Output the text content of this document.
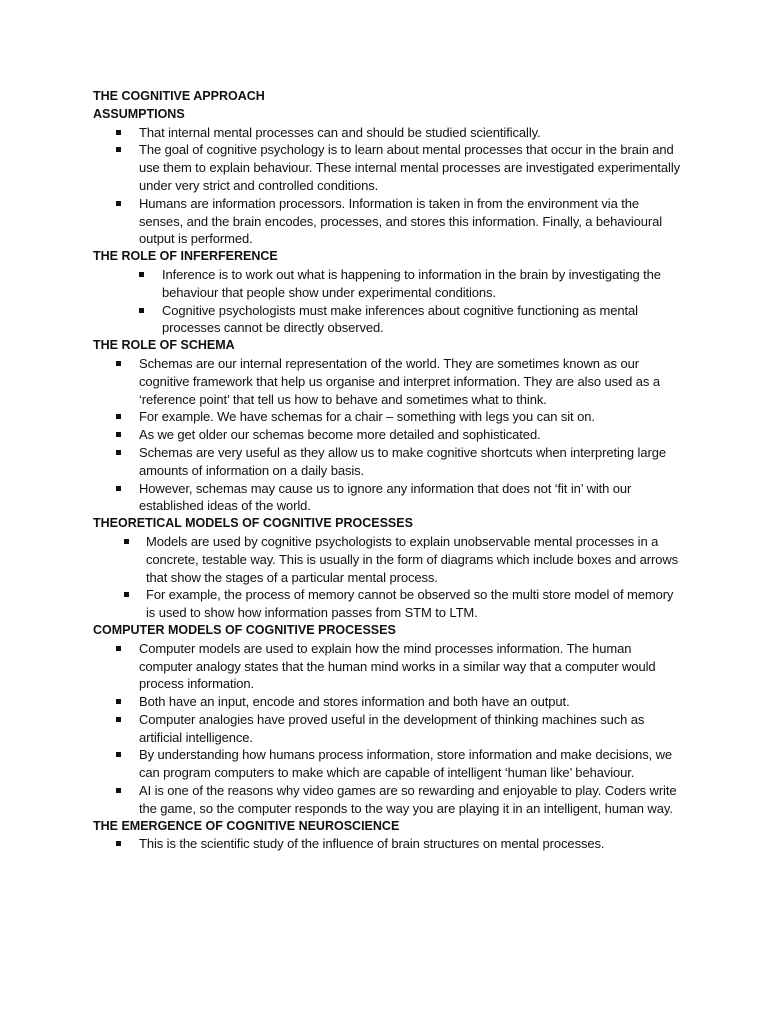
THE COGNITIVE APPROACH
ASSUMPTIONS
That internal mental processes can and should be studied scientifically.
The goal of cognitive psychology is to learn about mental processes that occur in the brain and use them to explain behaviour. These internal mental processes are investigated experimentally under very strict and controlled conditions.
Humans are information processors. Information is taken in from the environment via the senses, and the brain encodes, processes, and stores this information. Finally, a behavioural output is performed.
THE ROLE OF INFERFERENCE
Inference is to work out what is happening to information in the brain by investigating the behaviour that people show under experimental conditions.
Cognitive psychologists must make inferences about cognitive functioning as mental processes cannot be directly observed.
THE ROLE OF SCHEMA
Schemas are our internal representation of the world. They are sometimes known as our cognitive framework that help us organise and interpret information. They are also used as a ‘reference point’ that tell us how to behave and sometimes what to think.
For example. We have schemas for a chair – something with legs you can sit on.
As we get older our schemas become more detailed and sophisticated.
Schemas are very useful as they allow us to make cognitive shortcuts when interpreting large amounts of information on a daily basis.
However, schemas may cause us to ignore any information that does not ‘fit in’ with our established ideas of the world.
THEORETICAL MODELS OF COGNITIVE PROCESSES
Models are used by cognitive psychologists to explain unobservable mental processes in a concrete, testable way. This is usually in the form of diagrams which include boxes and arrows that show the stages of a particular mental process.
For example, the process of memory cannot be observed so the multi store model of memory is used to show how information passes from STM to LTM.
COMPUTER MODELS OF COGNITIVE PROCESSES
Computer models are used to explain how the mind processes information. The human computer analogy states that the human mind works in a similar way that a computer would process information.
Both have an input, encode and stores information and both have an output.
Computer analogies have proved useful in the development of thinking machines such as artificial intelligence.
By understanding how humans process information, store information and make decisions, we can program computers to make which are capable of intelligent ‘human like’ behaviour.
AI is one of the reasons why video games are so rewarding and enjoyable to play. Coders write the game, so the computer responds to the way you are playing it in an intelligent, human way.
THE EMERGENCE OF COGNITIVE NEUROSCIENCE
This is the scientific study of the influence of brain structures on mental processes.
